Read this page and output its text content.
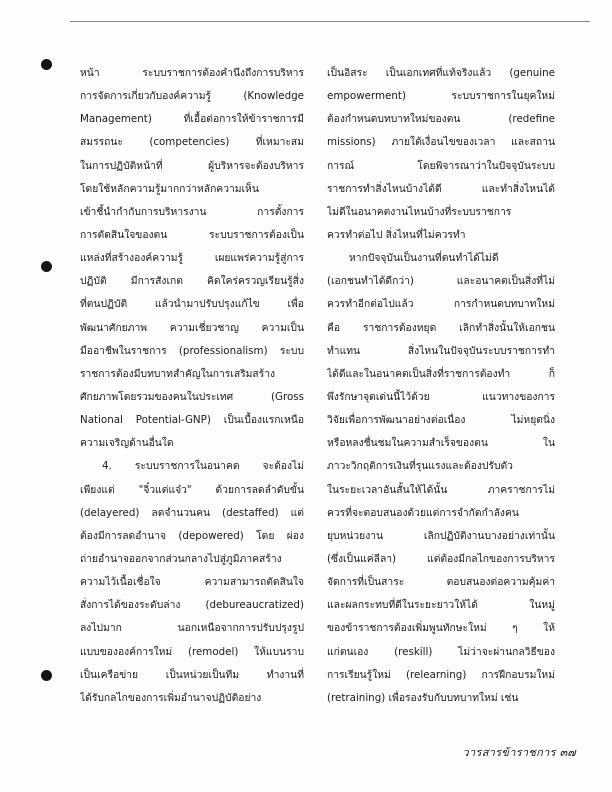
หน้า ระบบราชการต้องคำนึงถึงการบริหาร
การจัดการเกี่ยวกับองค์ความรู้ (Knowledge
Management) ที่เอื้อต่อการให้ข้าราชการมี
สมรรถนะ (competencies) ที่เหมาะสม
ในการปฏิบัติหน้าที่ ผู้บริหารจะต้องบริหาร
โดยใช้หลักความรู้มากกว่าหลักความเห็น
เข้าชี้นำกำกับการบริหารงาน การตั้งการ
การตัดสินใจของตน ระบบราชการต้องเป็น
แหล่งที่สร้างองค์ความรู้ เผยแพร่ความรู้สู่การ
ปฏิบัติ มีการสังเกต คิดใคร่ครวญเรียนรู้สิ่ง
ที่ตนปฏิบัติ แล้วนำมาปรับปรุงแก้ไข เพื่อ
พัฒนาศักยภาพ ความเชี่ยวชาญ ความเป็น
มืออาชีพในราชการ (professionalism) ระบบ
ราชการต้องมีบทบาทสำคัญในการเสริมสร้าง
ศักยภาพโดยรวมของคนในประเทศ (Gross
National Potential-GNP) เป็นเบื้องแรกเหนือ
ความเจริญด้านอื่นใด
4. ระบบราชการในอนาคต จะต้องไม่
เพียงแต่ "จิ๋วแต่แจ๋ว" ด้วยการลดลำดับขั้น
(delayered) ลดจำนวนคน (destaffed) แต่
ต้องมีการลดอำนาจ (depowered) โดย ผ่อง
ถ่ายอำนาจออกจากส่วนกลางไปสู่ภูมิภาคสร้าง
ความไว้เนื้อเชื่อใจ ความสามารถตัดสินใจ
สั่งการได้ของระดับล่าง (debureaucratized)
ลงไปมาก นอกเหนือจากการปรับปรุงรูป
แบบขององค์การใหม่ (remodel) ให้แบนราบ
เป็นเครือข่าย เป็นหน่วยเป็นทีม ทำงานที่
ได้รับกลไกของการเพิ่มอำนาจปฏิบัติอย่าง
เป็นอิสระ เป็นเอกเทศที่แท้จริงแล้ว (genuine
empowerment) ระบบราชการในยุคใหม่
ต้องกำหนดบทบาทใหม่ของตน (redefine
missions) ภายใต้เงื่อนไขของเวลา และสถาน
การณ์ โดยพิจารณาว่าในปัจจุบันระบบ
ราชการทำสิ่งไหนบ้างได้ดี และทำสิ่งไหนได้
ไม่ดีในอนาคตงานไหนบ้างที่ระบบราชการ
ควรทำต่อไป สิ่งไหนที่ไม่ควรทำ
หากปัจจุบันเป็นงานที่ตนทำได้ไม่ดี
(เอกชนทำได้ดีกว่า) และอนาคตเป็นสิ่งที่ไม่
ควรทำอีกต่อไปแล้ว การกำหนดบทบาทใหม่
คือ ราชการต้องหยุด เลิกทำสิ่งนั้นให้เอกชน
ทำแทน สิ่งไหนในปัจจุบันระบบราชการทำ
ได้ดีและในอนาคตเป็นสิ่งที่ราชการต้องทำ ก็
พึงรักษาจุดเด่นนี้ไว้ด้วย แนวทางของการ
วิจัยเพื่อการพัฒนาอย่างต่อเนื่อง ไม่หยุดนิ่ง
หรือหลงชื่นชมในความสำเร็จของตน ใน
ภาวะวิกฤติการเงินที่รุนแรงและต้องปรับตัว
ในระยะเวลาอันสั้นให้ได้นั้น ภาคราชการไม่
ควรที่จะตอบสนองด้วยแต่การจำกัดกำลังคน
ยุบหน่วยงาน เลิกปฏิบัติงานบางอย่างเท่านั้น
(ซึ่งเป็นแค่ลีลา) แต่ต้องมีกลไกของการบริหาร
จัดการที่เป็นสาระ ตอบสนองต่อความคุ้มค่า
และผลกระทบที่ดีในระยะยาวให้ได้ ในหมู่
ของข้าราชการต้องเพิ่มพูนทักษะใหม่ ๆ ให้
แก่ตนเอง (reskill) ไม่ว่าจะผ่านกลวิธีของ
การเรียนรู้ใหม่ (relearning) การฝึกอบรมใหม่
(retraining) เพื่อรองรับกับบทบาทใหม่ เช่น
วารสารข้าราชการ ๓๗
